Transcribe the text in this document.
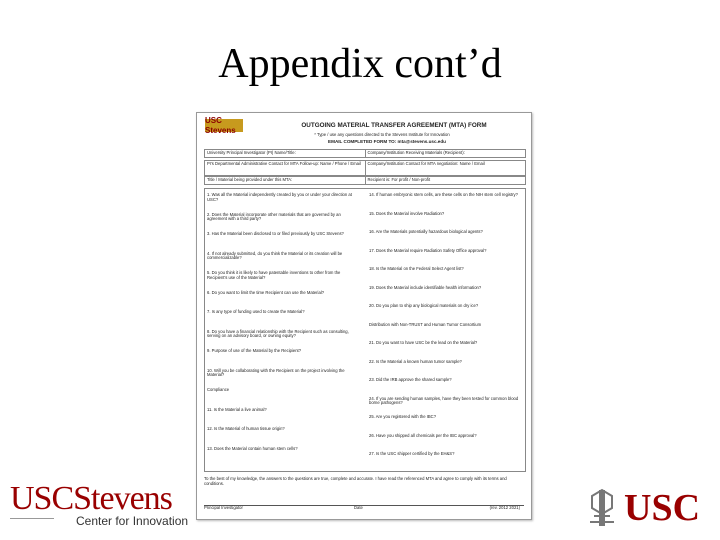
Appendix cont’d
USC Stevens	OUTGOING MATERIAL TRANSFER AGREEMENT (MTA) FORM
* Type / use any questions directed to the Stevens Institute for Innovation
EMAIL COMPLETED FORM TO: mta@stevens.usc.edu
University Principal Investigator (PI) Name/Title:	Company/Institution Receiving Materials (Recipient):
PI's Departmental Administrative Contact for MTA Follow-up: Name / Phone / Email	Company/Institution Contact for MTA negotiation: Name / Email
Title / Material being provided under this MTA:	Recipient is: For profit / Non-profit
1. Was all the Material independently created by you or under your direction at USC?
2. Does the Material incorporate other materials that are governed by an agreement with a third party?
3. Has the Material been disclosed to or filed previously by USC Stevens?
4. If not already submitted, do you think the Material or its creation will be commercializable?
5. Do you think it is likely to have patentable inventions to other from the Recipient's use of the Material?
6. Do you want to limit the time Recipient can use the Material?
7. Is any type of funding used to create the Material?
8. Do you have a financial relationship with the Recipient such as consulting, serving on an advisory board, or owning equity?
9. Purpose of use of the Material by the Recipient?
10. Will you be collaborating with the Recipient on the project involving the Material?
Compliance
11. Is the Material a live animal?
12. Is the Material of human tissue origin?
13. Does the Material contain human stem cells?
14. If human embryonic stem cells, are these cells on the NIH stem cell registry?
15. Does the Material involve Radiation?
16. Are the Materials potentially hazardous biological agents?
17. Does the Material require Radiation Safety Office approval?
18. Is the Material on the Federal Select Agent list?
19. Does the Material include identifiable health information?
20. Do you plan to ship any biological materials on dry ice?
Distribution with Non-TRUST and Human Tumor Consortium
21. Do you want to have USC be the lead on the Material?
22. Is the Material a known human tumor sample?
23. Did the IRB approve the shared sample?
24. If you are sending human samples, have they been tested for common blood borne pathogens?
25. Are you registered with the IBC?
26. Have you shipped all chemicals per the IBC approval?
27. Is the USC shipper certified by the EH&S?
To the best of my knowledge, the answers to the questions are true, complete and accurate. I have read the referenced MTA and agree to comply with its terms and conditions.
Principal Investigator	Date	(rev. 2012 2021)
USCStevens
Center for Innovation	USC
